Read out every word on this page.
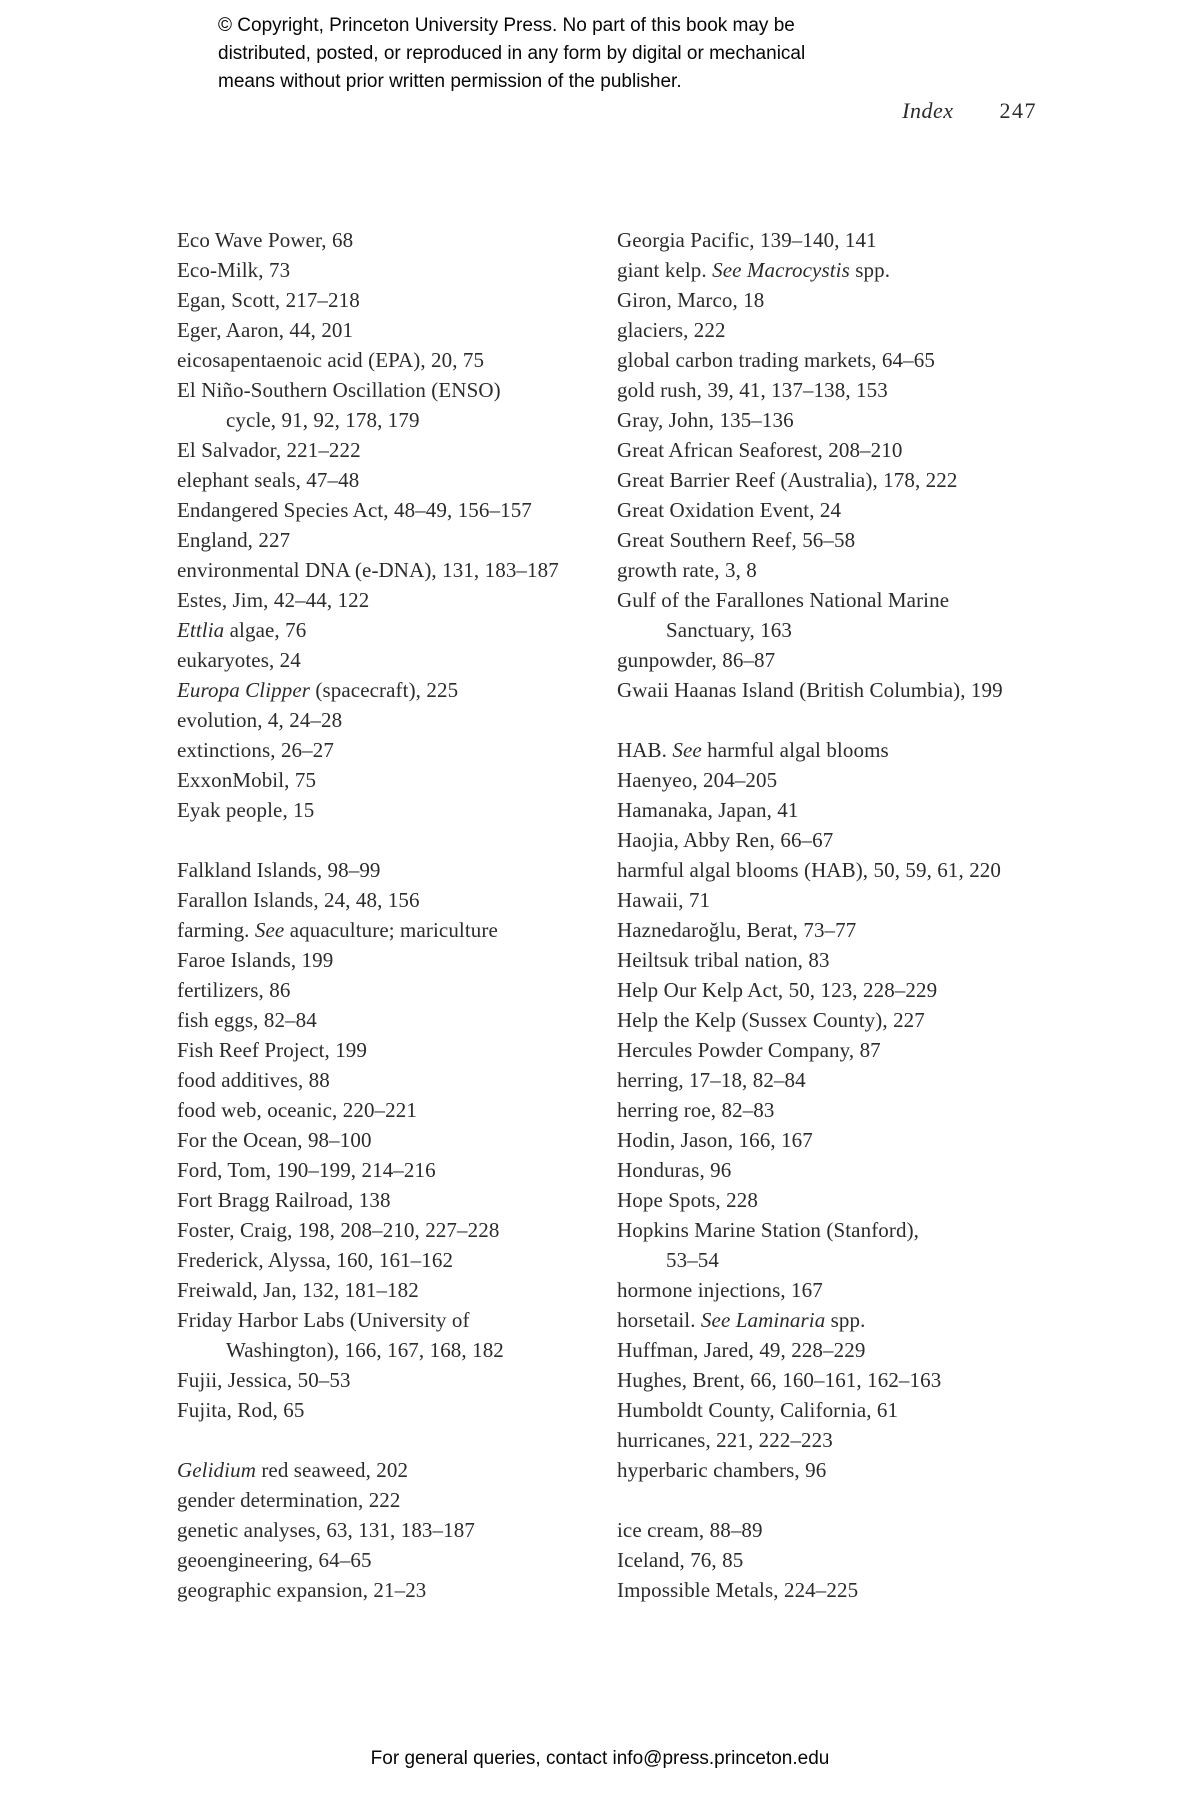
© Copyright, Princeton University Press. No part of this book may be
distributed, posted, or reproduced in any form by digital or mechanical
means without prior written permission of the publisher.
Index 247
Eco Wave Power, 68
Eco-Milk, 73
Egan, Scott, 217–218
Eger, Aaron, 44, 201
eicosapentaenoic acid (EPA), 20, 75
El Niño-Southern Oscillation (ENSO)
cycle, 91, 92, 178, 179
El Salvador, 221–222
elephant seals, 47–48
Endangered Species Act, 48–49, 156–157
England, 227
environmental DNA (e-DNA), 131, 183–187
Estes, Jim, 42–44, 122
Ettlia algae, 76
eukaryotes, 24
Europa Clipper (spacecraft), 225
evolution, 4, 24–28
extinctions, 26–27
ExxonMobil, 75
Eyak people, 15
Falkland Islands, 98–99
Farallon Islands, 24, 48, 156
farming. See aquaculture; mariculture
Faroe Islands, 199
fertilizers, 86
fish eggs, 82–84
Fish Reef Project, 199
food additives, 88
food web, oceanic, 220–221
For the Ocean, 98–100
Ford, Tom, 190–199, 214–216
Fort Bragg Railroad, 138
Foster, Craig, 198, 208–210, 227–228
Frederick, Alyssa, 160, 161–162
Freiwald, Jan, 132, 181–182
Friday Harbor Labs (University of
Washington), 166, 167, 168, 182
Fujii, Jessica, 50–53
Fujita, Rod, 65
Gelidium red seaweed, 202
gender determination, 222
genetic analyses, 63, 131, 183–187
geoengineering, 64–65
geographic expansion, 21–23
Georgia Pacific, 139–140, 141
giant kelp. See Macrocystis spp.
Giron, Marco, 18
glaciers, 222
global carbon trading markets, 64–65
gold rush, 39, 41, 137–138, 153
Gray, John, 135–136
Great African Seaforest, 208–210
Great Barrier Reef (Australia), 178, 222
Great Oxidation Event, 24
Great Southern Reef, 56–58
growth rate, 3, 8
Gulf of the Farallones National Marine
Sanctuary, 163
gunpowder, 86–87
Gwaii Haanas Island (British Columbia), 199
HAB. See harmful algal blooms
Haenyeo, 204–205
Hamanaka, Japan, 41
Haojia, Abby Ren, 66–67
harmful algal blooms (HAB), 50, 59, 61, 220
Hawaii, 71
Haznedaroğlu, Berat, 73–77
Heiltsuk tribal nation, 83
Help Our Kelp Act, 50, 123, 228–229
Help the Kelp (Sussex County), 227
Hercules Powder Company, 87
herring, 17–18, 82–84
herring roe, 82–83
Hodin, Jason, 166, 167
Honduras, 96
Hope Spots, 228
Hopkins Marine Station (Stanford),
53–54
hormone injections, 167
horsetail. See Laminaria spp.
Huffman, Jared, 49, 228–229
Hughes, Brent, 66, 160–161, 162–163
Humboldt County, California, 61
hurricanes, 221, 222–223
hyperbaric chambers, 96
ice cream, 88–89
Iceland, 76, 85
Impossible Metals, 224–225
For general queries, contact info@press.princeton.edu
